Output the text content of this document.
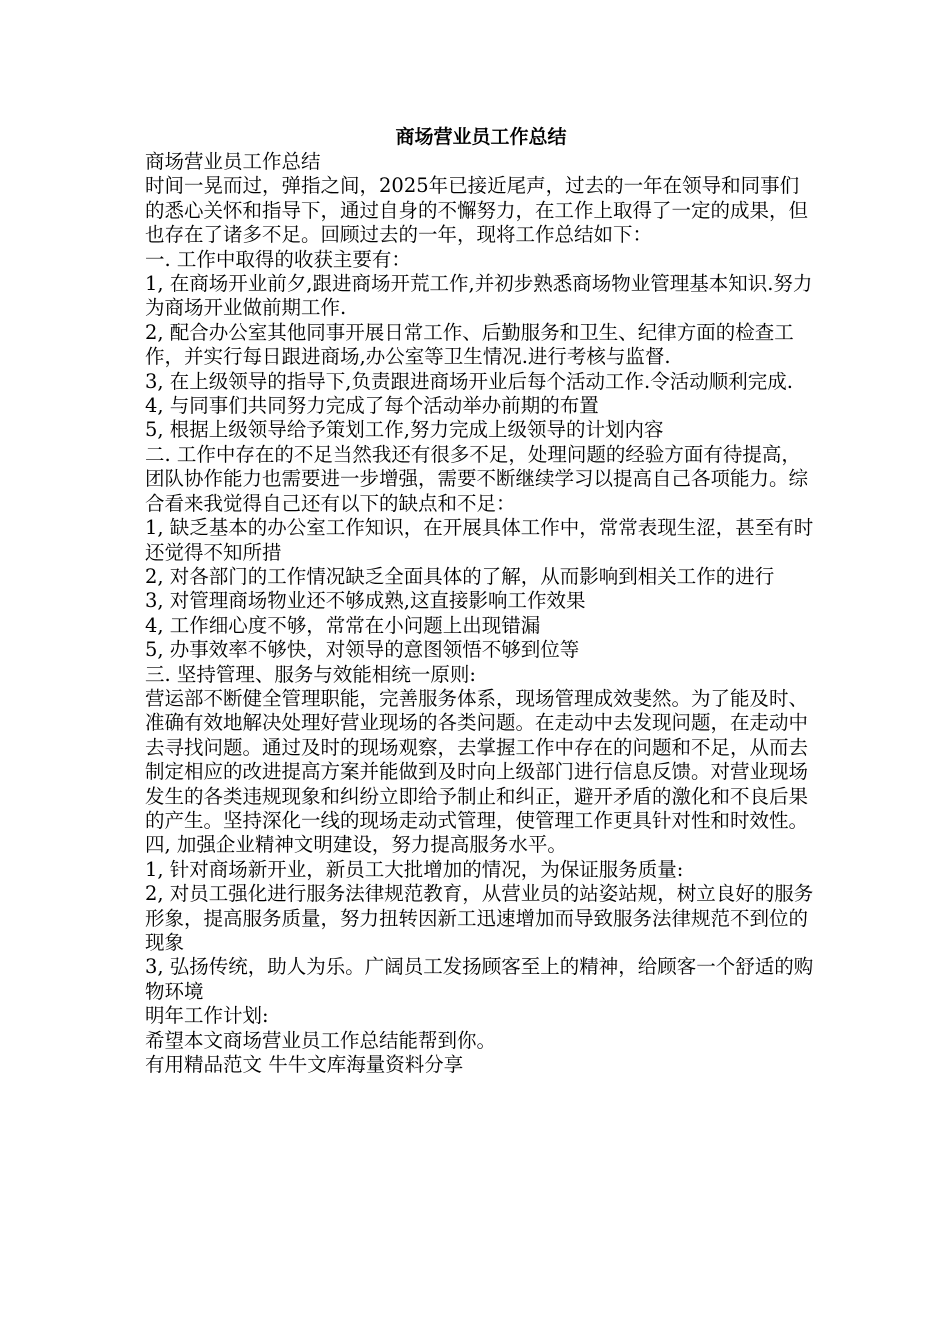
商场营业员工作总结

商场营业员工作总结

时间一晃而过，弹指之间，2025年已接近尾声，过去的一年在领导和同事们的悉心关怀和指导下，通过自身的不懈努力，在工作上取得了一定的成果，但也存在了诸多不足。回顾过去的一年，现将工作总结如下：

一. 工作中取得的收获主要有：

1, 在商场开业前夕,跟进商场开荒工作,并初步熟悉商场物业管理基本知识.努力为商场开业做前期工作.

2, 配合办公室其他同事开展日常工作、后勤服务和卫生、纪律方面的检查工作，并实行每日跟进商场,办公室等卫生情况.进行考核与监督.

3, 在上级领导的指导下,负责跟进商场开业后每个活动工作.令活动顺利完成.

4, 与同事们共同努力完成了每个活动举办前期的布置

5, 根据上级领导给予策划工作,努力完成上级领导的计划内容

二. 工作中存在的不足当然我还有很多不足，处理问题的经验方面有待提高，团队协作能力也需要进一步增强，需要不断继续学习以提高自己各项能力。综合看来我觉得自己还有以下的缺点和不足：

1, 缺乏基本的办公室工作知识，在开展具体工作中，常常表现生涩，甚至有时还觉得不知所措

2, 对各部门的工作情况缺乏全面具体的了解，从而影响到相关工作的进行

3, 对管理商场物业还不够成熟,这直接影响工作效果

4, 工作细心度不够，常常在小问题上出现错漏

5, 办事效率不够快，对领导的意图领悟不够到位等

三. 坚持管理、服务与效能相统一原则:

营运部不断健全管理职能，完善服务体系，现场管理成效斐然。为了能及时、准确有效地解决处理好营业现场的各类问题。在走动中去发现问题，在走动中去寻找问题。通过及时的现场观察，去掌握工作中存在的问题和不足，从而去制定相应的改进提高方案并能做到及时向上级部门进行信息反馈。对营业现场发生的各类违规现象和纠纷立即给予制止和纠正，避开矛盾的激化和不良后果的产生。坚持深化一线的现场走动式管理，使管理工作更具针对性和时效性。

四, 加强企业精神文明建设，努力提高服务水平。

1, 针对商场新开业，新员工大批增加的情况，为保证服务质量:

2, 对员工强化进行服务法律规范教育，从营业员的站姿站规，树立良好的服务形象，提高服务质量，努力扭转因新工迅速增加而导致服务法律规范不到位的现象

3, 弘扬传统，助人为乐。广阔员工发扬顾客至上的精神，给顾客一个舒适的购物环境

明年工作计划:

希望本文商场营业员工作总结能帮到你。

有用精品范文 牛牛文库海量资料分享
